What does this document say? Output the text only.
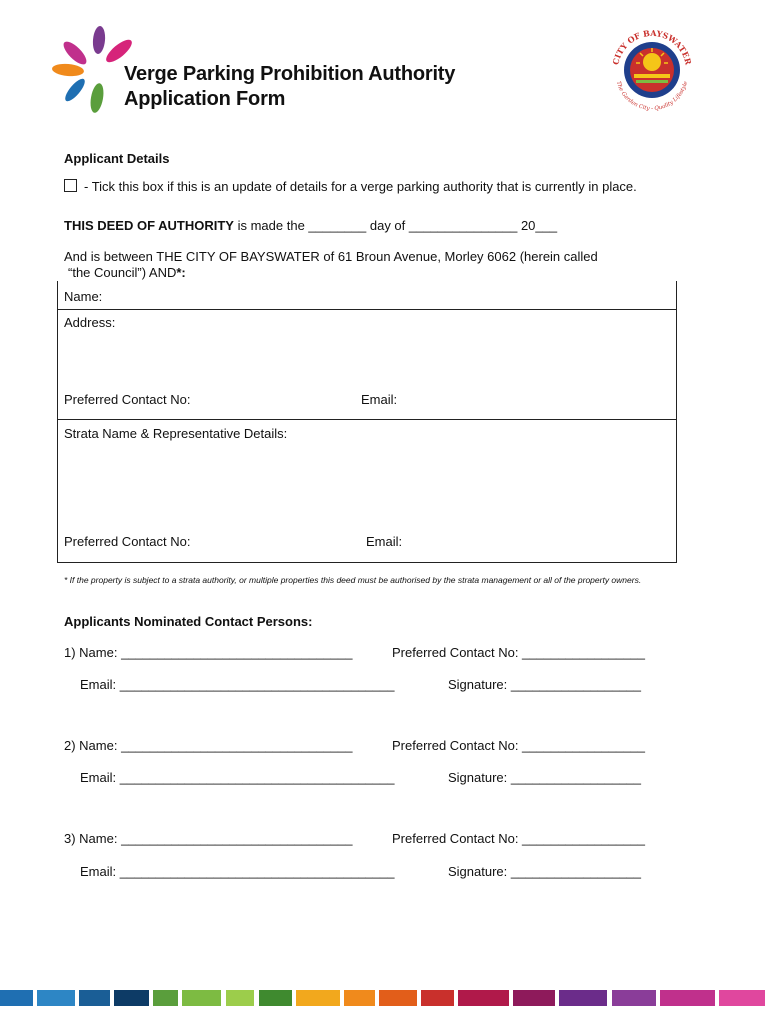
Verge Parking Prohibition Authority
Application Form
CITY OF BAYSWATER
The Garden City - Quality Lifestyle
Applicant Details
- Tick this box if this is an update of details for a verge parking authority that is currently in place.
THIS DEED OF AUTHORITY is made the ________ day of _______________ 20___
And is between THE CITY OF BAYSWATER of 61 Broun Avenue, Morley 6062 (herein called
“the Council”) AND*:
Name:
Address:
Preferred Contact No:	Email:
Strata Name & Representative Details:
Preferred Contact No:	Email:
* If the property is subject to a strata authority, or multiple properties this deed must be authorised by the strata management or all of the property owners.
Applicants Nominated Contact Persons:
1) Name: ________________________________	Preferred Contact No: _________________
Email: ______________________________________	Signature: __________________
2) Name: ________________________________	Preferred Contact No: _________________
Email: ______________________________________	Signature: __________________
3) Name: ________________________________	Preferred Contact No: _________________
Email: ______________________________________	Signature: __________________
